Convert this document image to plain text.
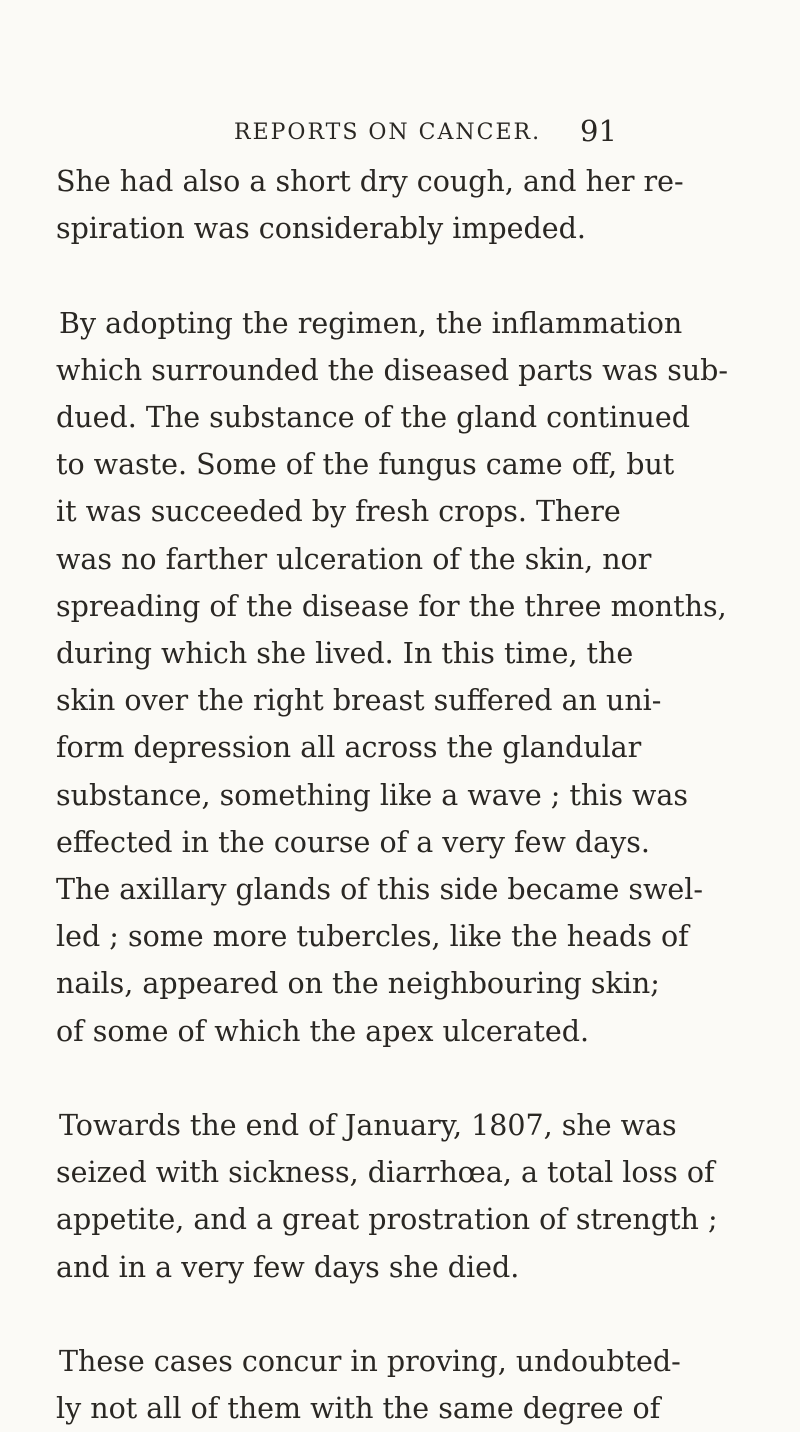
REPORTS ON CANCER. 91
She had also a short dry cough, and her re-
spiration was considerably impeded.
By adopting the regimen, the inflammation
which surrounded the diseased parts was sub-
dued. The substance of the gland continued
to waste. Some of the fungus came off, but
it was succeeded by fresh crops. There
was no farther ulceration of the skin, nor
spreading of the disease for the three months,
during which she lived. In this time, the
skin over the right breast suffered an uni-
form depression all across the glandular
substance, something like a wave ; this was
effected in the course of a very few days.
The axillary glands of this side became swel-
led ; some more tubercles, like the heads of
nails, appeared on the neighbouring skin;
of some of which the apex ulcerated.
Towards the end of January, 1807, she was
seized with sickness, diarrhœa, a total loss of
appetite, and a great prostration of strength ;
and in a very few days she died.
These cases concur in proving, undoubted-
ly not all of them with the same degree of
